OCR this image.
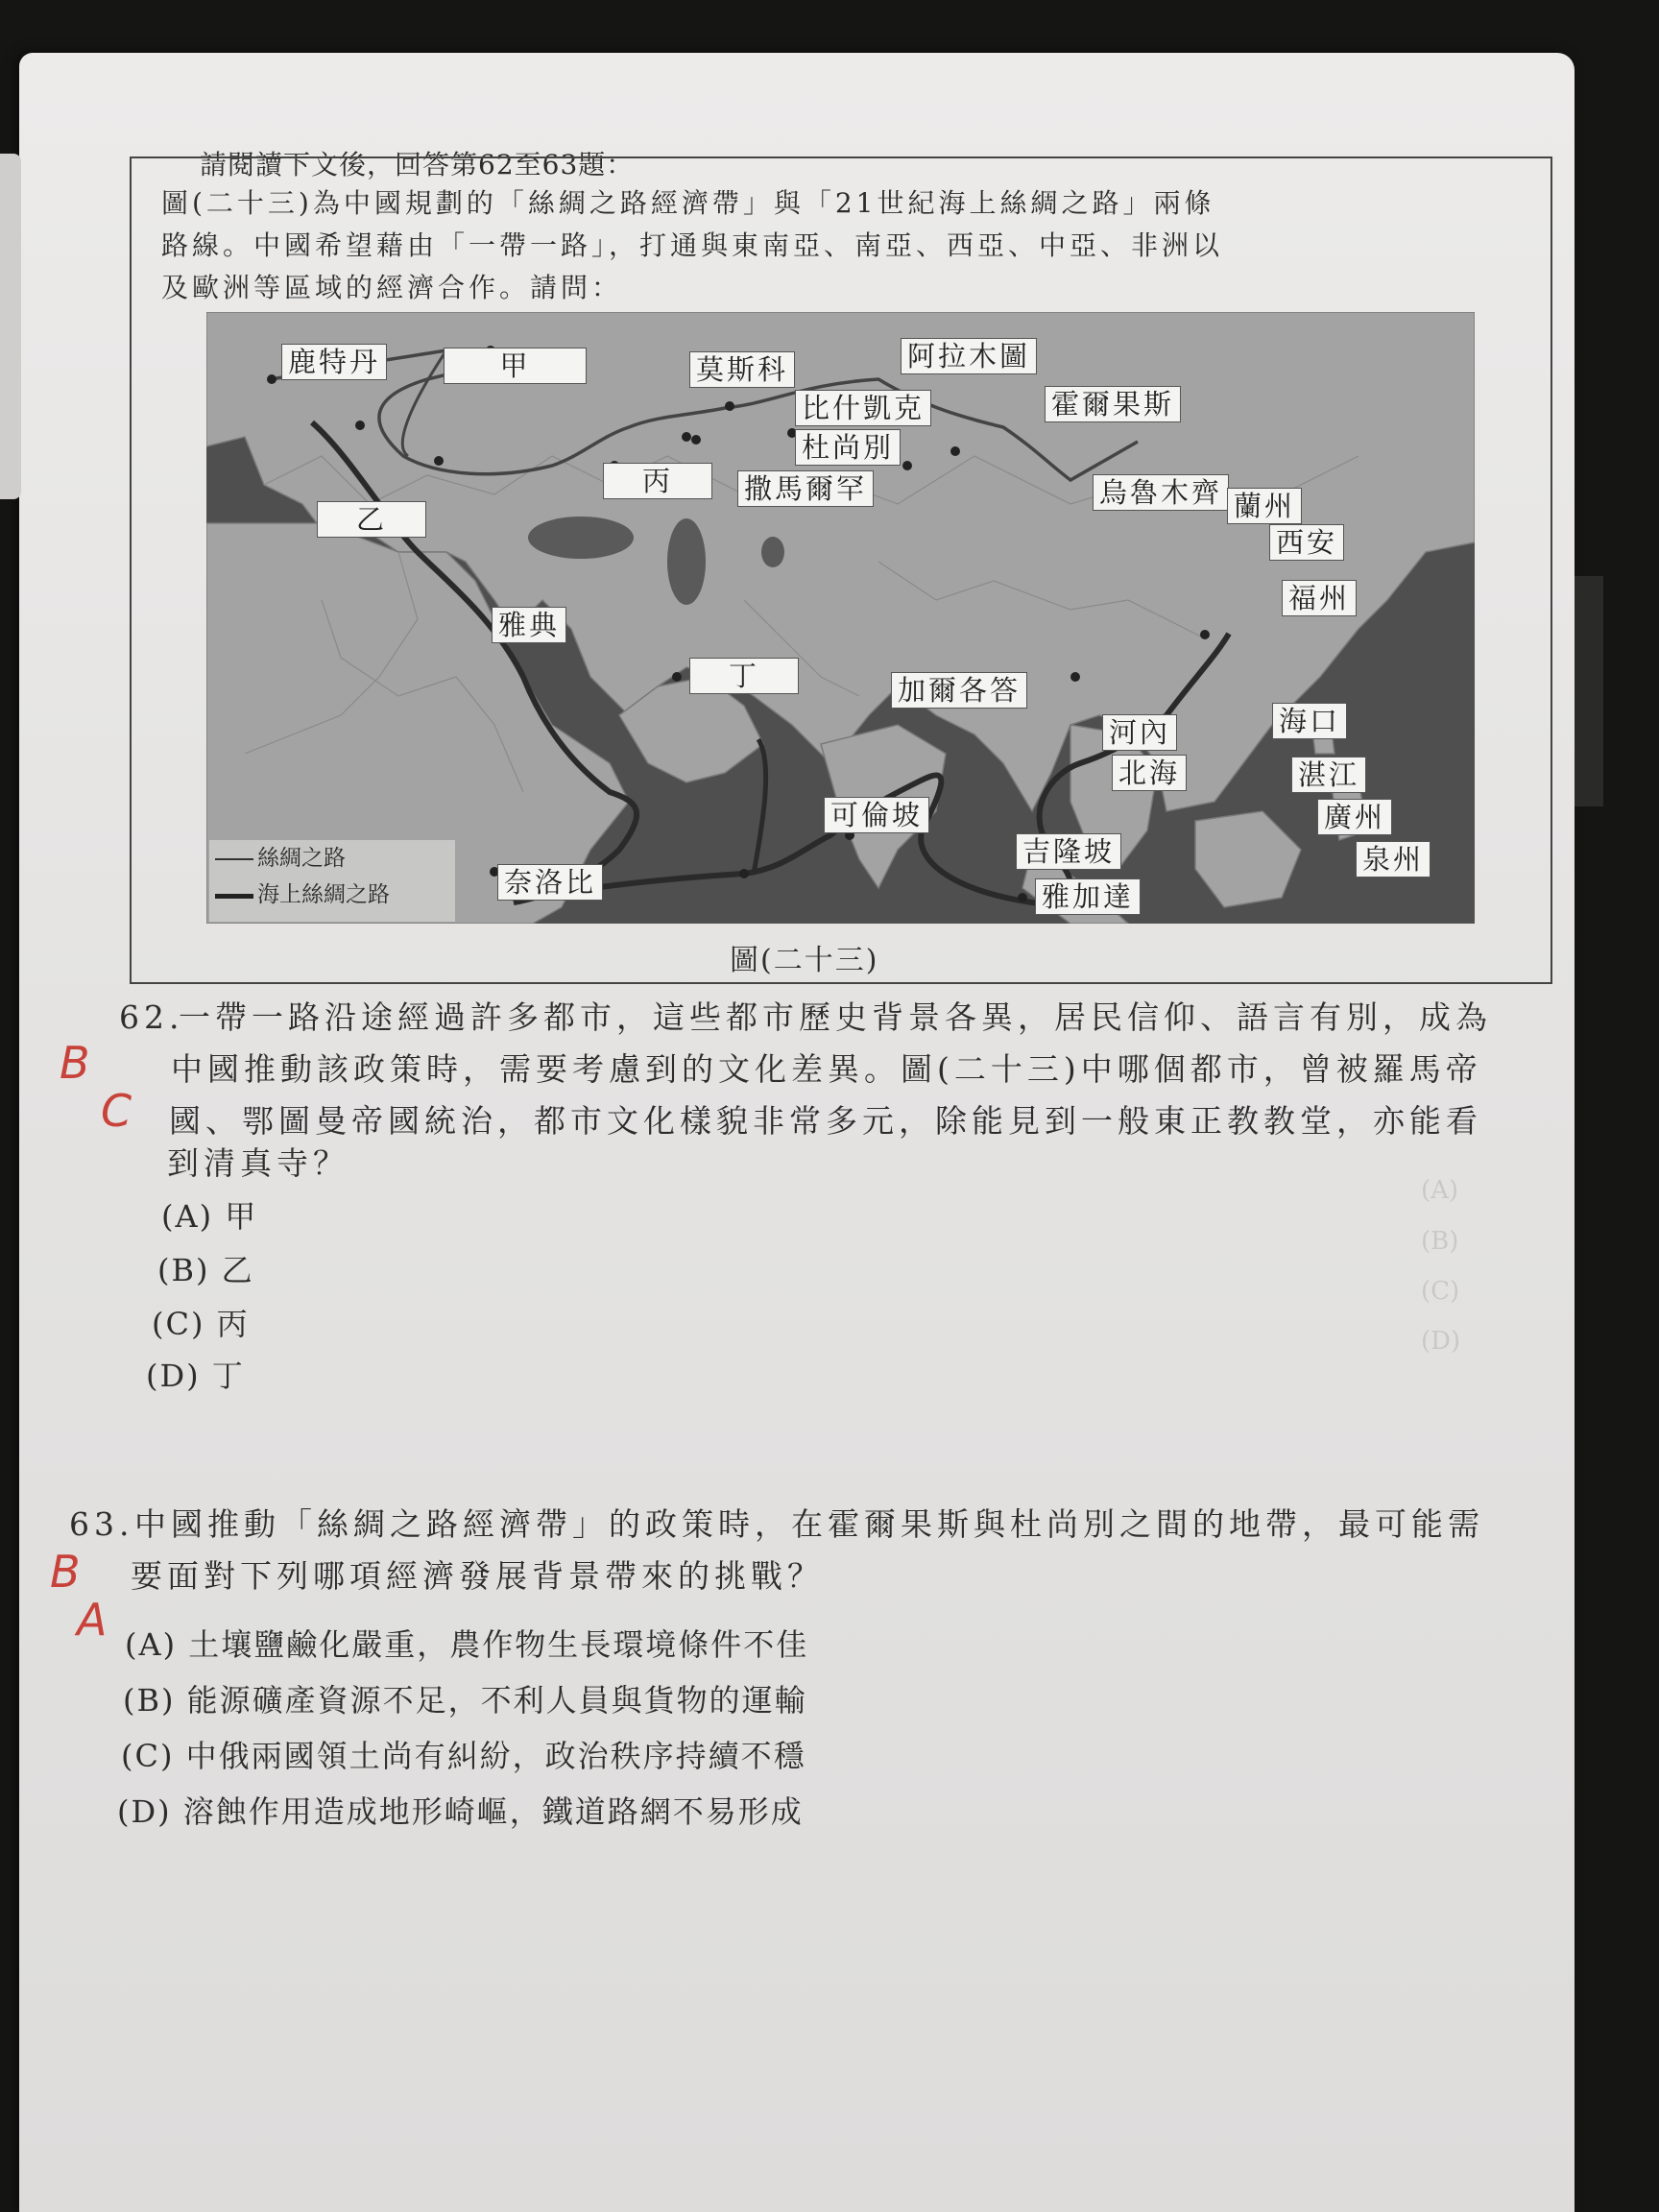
請閱讀下文後，回答第62至63題：
圖(二十三)為中國規劃的「絲綢之路經濟帶」與「21世紀海上絲綢之路」兩條
路線。中國希望藉由「一帶一路」，打通與東南亞、南亞、西亞、中亞、非洲以
及歐洲等區域的經濟合作。請問：
鹿特丹	甲	莫斯科	阿拉木圖
比什凱克	霍爾果斯
杜尚別
丙	撒馬爾罕	烏魯木齊 蘭州
乙
西安
福州
雅典
丁	加爾各答
河內	海口
北海	湛江
可倫坡	廣州
吉隆坡	泉州
奈洛比	雅加達
絲綢之路
海上絲綢之路
圖(二十三)
62.
一帶一路沿途經過許多都市，這些都市歷史背景各異，居民信仰、語言有別，成為
中國推動該政策時，需要考慮到的文化差異。圖(二十三)中哪個都市，曾被羅馬帝
國、鄂圖曼帝國統治，都市文化樣貌非常多元，除能見到一般東正教教堂，亦能看
到清真寺？
(A) 甲
(B) 乙
(C) 丙
(D) 丁
B
C
(A)
(B)
(C)
(D)
63. 中國推動「絲綢之路經濟帶」的政策時，在霍爾果斯與杜尚別之間的地帶，最可能需
要面對下列哪項經濟發展背景帶來的挑戰？
(A) 土壤鹽鹼化嚴重，農作物生長環境條件不佳
(B) 能源礦產資源不足，不利人員與貨物的運輸
(C) 中俄兩國領土尚有糾紛，政治秩序持續不穩
(D) 溶蝕作用造成地形崎嶇，鐵道路網不易形成
B
A
